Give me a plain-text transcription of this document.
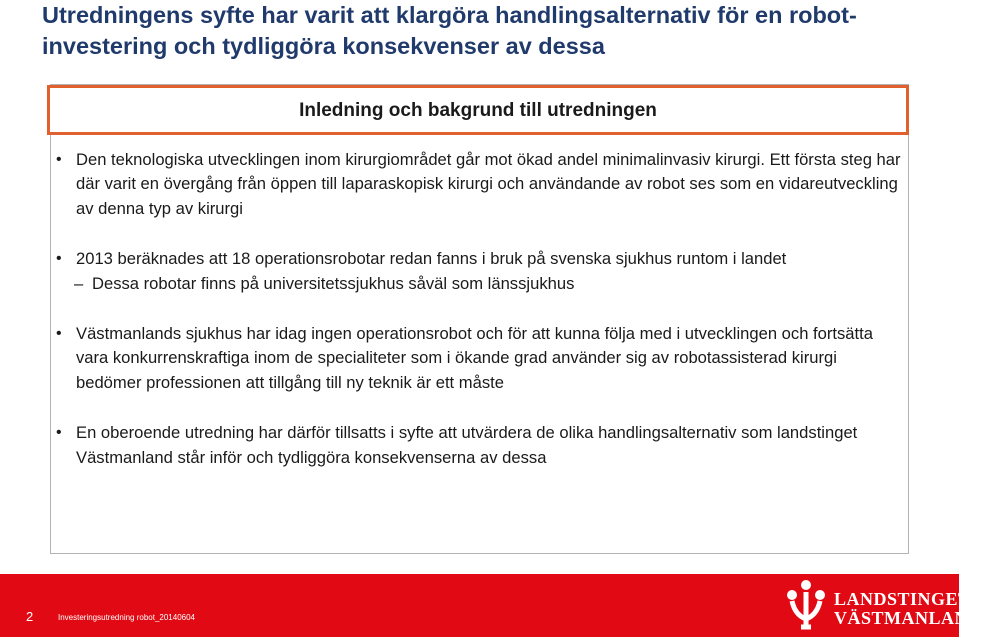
Utredningens syfte har varit att klargöra handlingsalternativ för en robot-investering och tydliggöra konsekvenser av dessa
Inledning och bakgrund till utredningen

• Den teknologiska utvecklingen inom kirurgiområdet går mot ökad andel minimalinvasiv kirurgi. Ett första steg har där varit en övergång från öppen till laparaskopisk kirurgi och användande av robot ses som en vidareutveckling av denna typ av kirurgi

• 2013 beräknades att 18 operationsrobotar redan fanns i bruk på svenska sjukhus runtom i landet

– Dessa robotar finns på universitetssjukhus såväl som länssjukhus

• Västmanlands sjukhus har idag ingen operationsrobot och för att kunna följa med i utvecklingen och fortsätta vara konkurrenskraftiga inom de specialiteter som i ökande grad använder sig av robotassisterad kirurgi bedömer professionen att tillgång till ny teknik är ett måste

• En oberoende utredning har därför tillsatts i syfte att utvärdera de olika handlingsalternativ som landstinget Västmanland står inför och tydliggöra konsekvenserna av dessa

2	Investeringsutredning robot_20140604
LANDSTINGET
VÄSTMANLAND
